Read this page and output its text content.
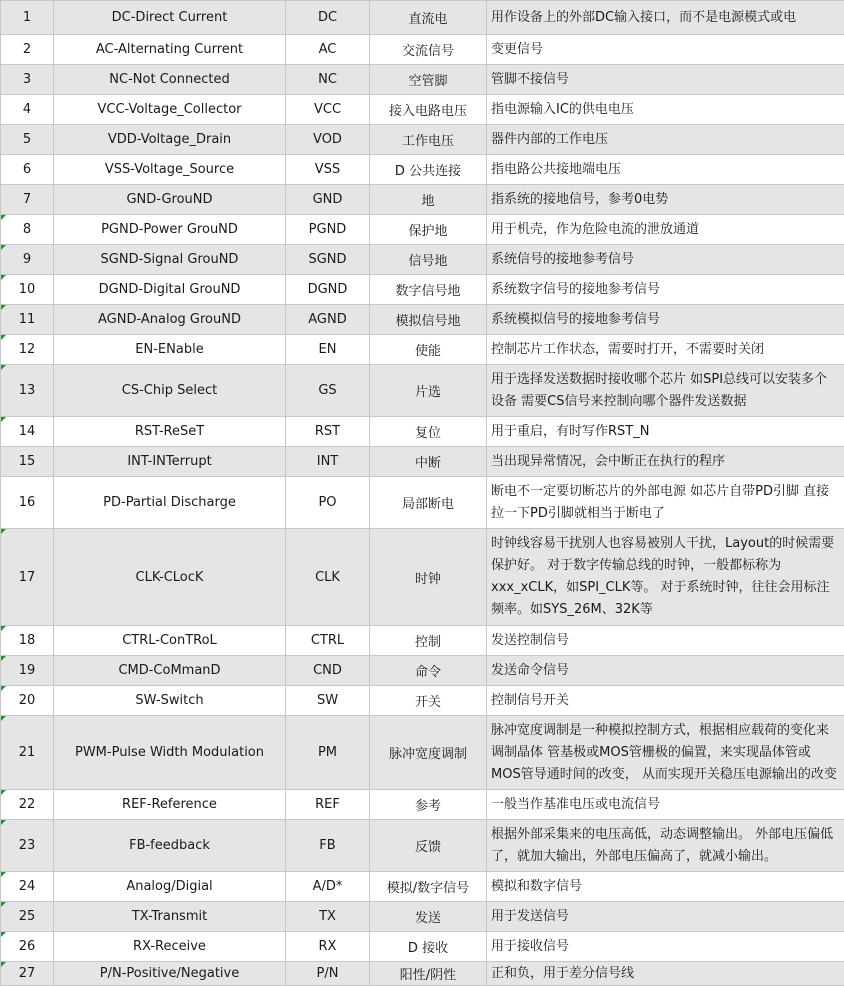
1	DC-Direct Current	DC	直流电	用作设备上的外部DC输入接口，而不是电源模式或电
2	AC-Alternating Current	AC	交流信号	变更信号
3	NC-Not Connected	NC	空管脚	管脚不接信号
4	VCC-Voltage_Collector	VCC	接入电路电压	指电源输入IC的供电电压
5	VDD-Voltage_Drain	VOD	工作电压	器件内部的工作电压
6	VSS-Voltage_Source	VSS	D 公共连接	指电路公共接地端电压
7	GND-GrouND	GND	地	指系统的接地信号，参考0电势
8	PGND-Power GrouND	PGND	保护地	用于机壳，作为危险电流的泄放通道
9	SGND-Signal GrouND	SGND	信号地	系统信号的接地参考信号
10	DGND-Digital GrouND	DGND	数字信号地	系统数字信号的接地参考信号
11	AGND-Analog GrouND	AGND	模拟信号地	系统模拟信号的接地参考信号
12	EN-ENable	EN	使能	控制芯片工作状态，需要时打开，不需要时关闭
13	CS-Chip Select	GS	片选	用于选择发送数据时接收哪个芯片 如SPI总线可以安装多个设备 需要CS信号来控制向哪个器件发送数据
14	RST-ReSeT	RST	复位	用于重启，有时写作RST_N
15	INT-INTerrupt	INT	中断	当出现异常情况，会中断正在执行的程序
16	PD-Partial Discharge	PO	局部断电	断电不一定要切断芯片的外部电源 如芯片自带PD引脚 直接拉一下PD引脚就相当于断电了
17	CLK-CLocK	CLK	时钟	时钟线容易干扰别人也容易被别人干扰，Layout的时候需要保护好。 对于数字传输总线的时钟，一般都标称为xxx_xCLK，如SPI_CLK等。 对于系统时钟，往往会用标注频率。如SYS_26M、32K等
18	CTRL-ConTRoL	CTRL	控制	发送控制信号
19	CMD-CoMmanD	CND	命令	发送命令信号
20	SW-Switch	SW	开关	控制信号开关
21	PWM-Pulse Width Modulation	PM	脉冲宽度调制	脉冲宽度调制是一种模拟控制方式，根据相应载荷的变化来调制晶体 管基极或MOS管栅极的偏置，来实现晶体管或MOS管导通时间的改变， 从而实现开关稳压电源输出的改变
22	REF-Reference	REF	参考	一般当作基准电压或电流信号
23	FB-feedback	FB	反馈	根据外部采集来的电压高低，动态调整输出。 外部电压偏低了，就加大输出，外部电压偏高了，就减小输出。
24	Analog/Digial	A/D*	模拟/数字信号	模拟和数字信号
25	TX-Transmit	TX	发送	用于发送信号
26	RX-Receive	RX	D 接收	用于接收信号
27	P/N-Positive/Negative	P/N	阳性/阴性	正和负，用于差分信号线
